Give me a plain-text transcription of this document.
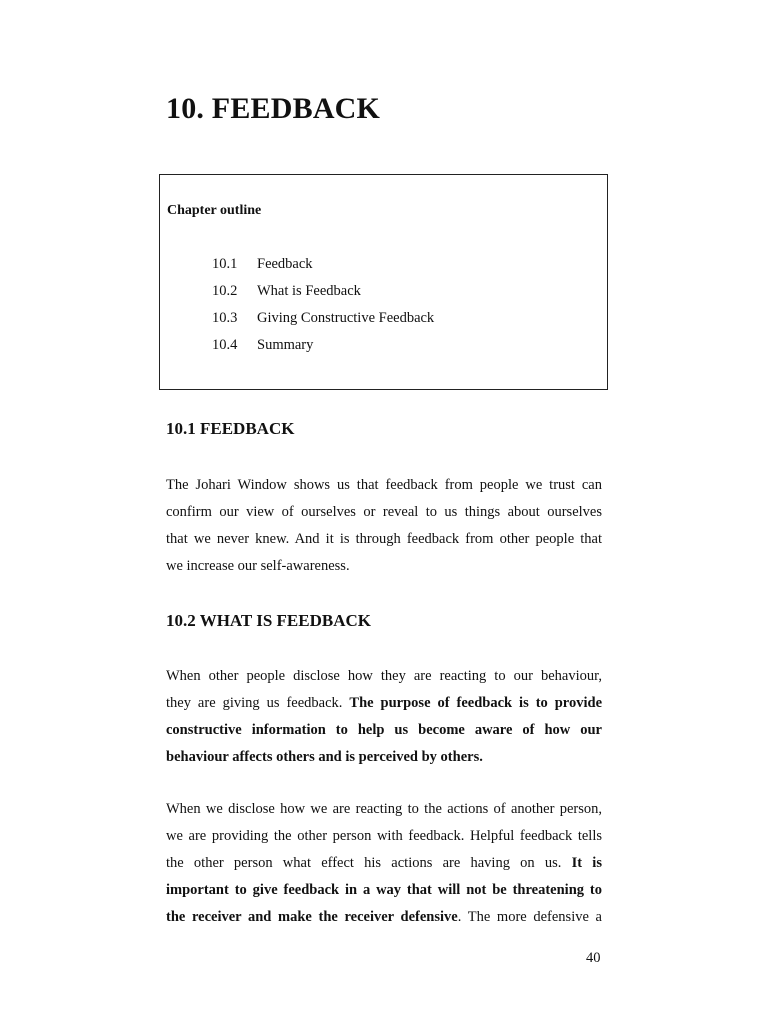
10. FEEDBACK

Chapter outline

10.1	Feedback
10.2	What is Feedback
10.3	Giving Constructive Feedback
10.4	Summary
10.1 FEEDBACK
The Johari Window shows us that feedback from people we trust can
confirm our view of ourselves or reveal to us things about ourselves
that we never knew. And it is through feedback from other people that
we increase our self-awareness.
10.2 WHAT IS FEEDBACK
When other people disclose how they are reacting to our behaviour,
they are giving us feedback. The purpose of feedback is to provide
constructive information to help us become aware of how our
behaviour affects others and is perceived by others.
When we disclose how we are reacting to the actions of another person,
we are providing the other person with feedback. Helpful feedback tells
the other person what effect his actions are having on us. It is
important to give feedback in a way that will not be threatening to
the receiver and make the receiver defensive. The more defensive a
40
